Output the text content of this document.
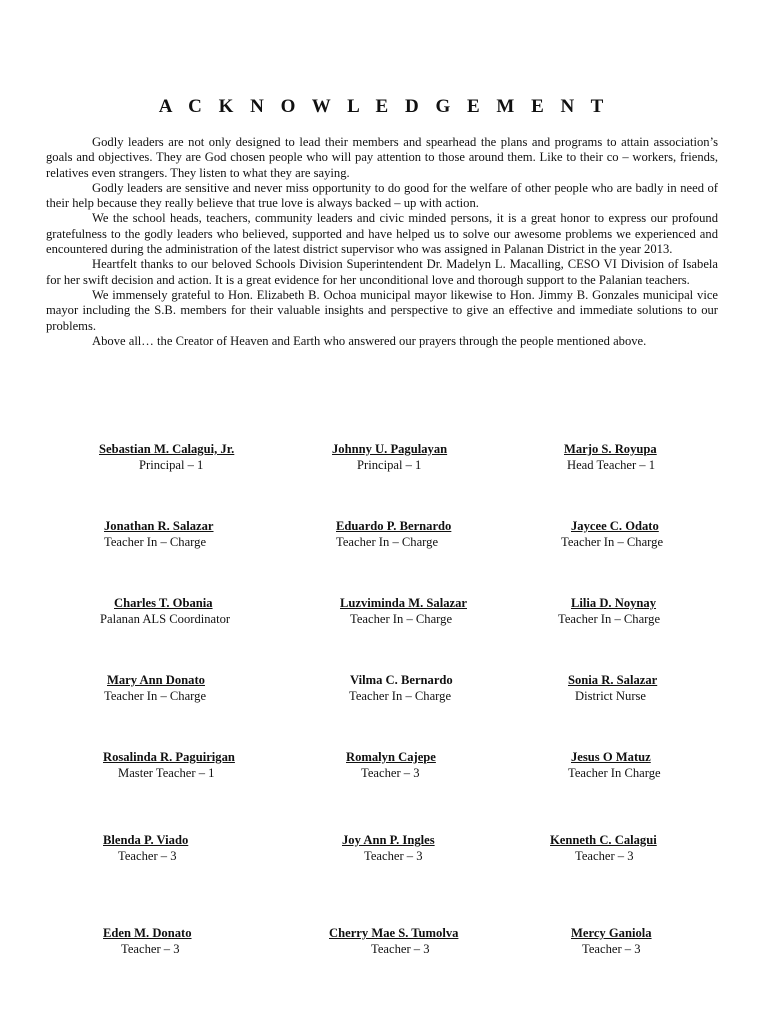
A C K N O W L E D G E M E N T

Godly leaders are not only designed to lead their members and spearhead the plans and programs to attain association’s goals and objectives. They are God chosen people who will pay attention to those around them. Like to their co – workers, friends, relatives even strangers. They listen to what they are saying.

Godly leaders are sensitive and never miss opportunity to do good for the welfare of other people who are badly in need of their help because they really believe that true love is always backed – up with action.

We the school heads, teachers, community leaders and civic minded persons, it is a great honor to express our profound gratefulness to the godly leaders who believed, supported and have helped us to solve our awesome problems we experienced and encountered during the administration of the latest district supervisor who was assigned in Palanan District in the year 2013.

Heartfelt thanks to our beloved Schools Division Superintendent Dr. Madelyn L. Macalling, CESO VI Division of Isabela for her swift decision and action. It is a great evidence for her unconditional love and thorough support to the Palanian teachers.

We immensely grateful to Hon. Elizabeth B. Ochoa municipal mayor likewise to Hon. Jimmy B. Gonzales municipal vice mayor including the S.B. members for their valuable insights and perspective to give an effective and immediate solutions to our problems.

Above all… the Creator of Heaven and Earth who answered our prayers through the people mentioned above.

Sebastian M. Calagui, Jr.
Principal – 1
Johnny U. Pagulayan
Principal – 1
Marjo S. Royupa
Head Teacher – 1
Jonathan R. Salazar
Teacher In – Charge
Eduardo P. Bernardo
Teacher In – Charge
Jaycee C. Odato
Teacher In – Charge
Charles T. Obania
Palanan ALS Coordinator
Luzviminda M. Salazar
Teacher In – Charge
Lilia D. Noynay
Teacher In – Charge
Mary Ann Donato
Teacher In – Charge
Vilma C. Bernardo
Teacher In – Charge
Sonia R. Salazar
District Nurse
Rosalinda R. Paguirigan
Master Teacher – 1
Romalyn Cajepe
Teacher – 3
Jesus O Matuz
Teacher In Charge
Blenda P. Viado
Teacher – 3
Joy Ann P. Ingles
Teacher – 3
Kenneth C. Calagui
Teacher – 3
Eden M. Donato
Teacher – 3
Cherry Mae S. Tumolva
Teacher – 3
Mercy Ganiola
Teacher – 3
